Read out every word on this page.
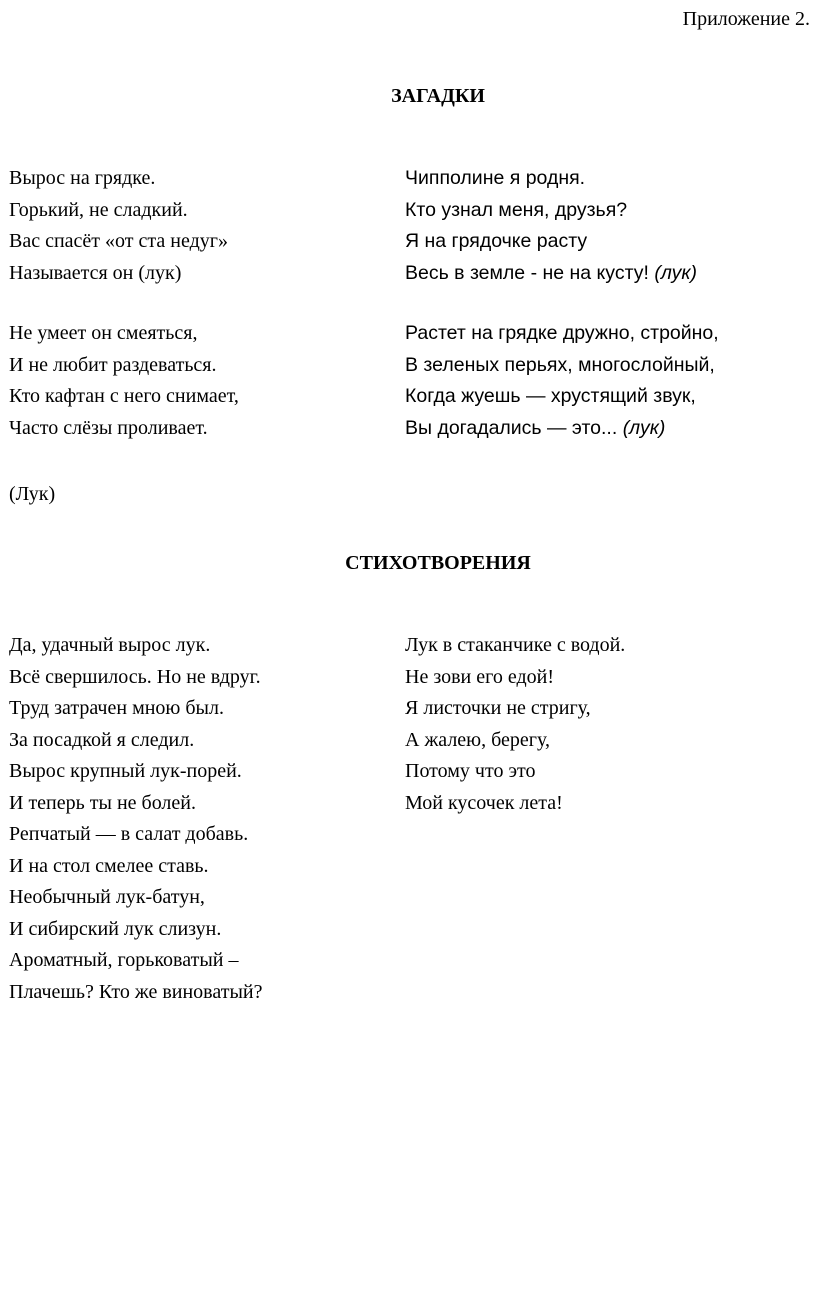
Приложение 2.
ЗАГАДКИ
Вырос на грядке.
Горький, не сладкий.
Вас спасёт «от ста недуг»
Называется он (лук)
Не умеет он смеяться,
И не любит раздеваться.
Кто кафтан с него снимает,
Часто слёзы проливает.
(Лук)
Чипполине я родня.
Кто узнал меня, друзья?
Я на грядочке расту
Весь в земле - не на кусту! (лук)
Растет на грядке дружно, стройно,
В зеленых перьях, многослойный,
Когда жуешь — хрустящий звук,
Вы догадались — это... (лук)
СТИХОТВОРЕНИЯ
Да, удачный вырос лук.
Всё свершилось. Но не вдруг.
Труд затрачен мною был.
За посадкой я следил.
Вырос крупный лук-порей.
И теперь ты не болей.
Репчатый — в салат добавь.
И на стол смелее ставь.
Необычный лук-батун,
И сибирский лук слизун.
Ароматный, горьковатый –
Плачешь? Кто же виноватый?
Лук в стаканчике с водой.
Не зови его едой!
Я листочки не стригу,
А жалею, берегу,
Потому что это
Мой кусочек лета!
